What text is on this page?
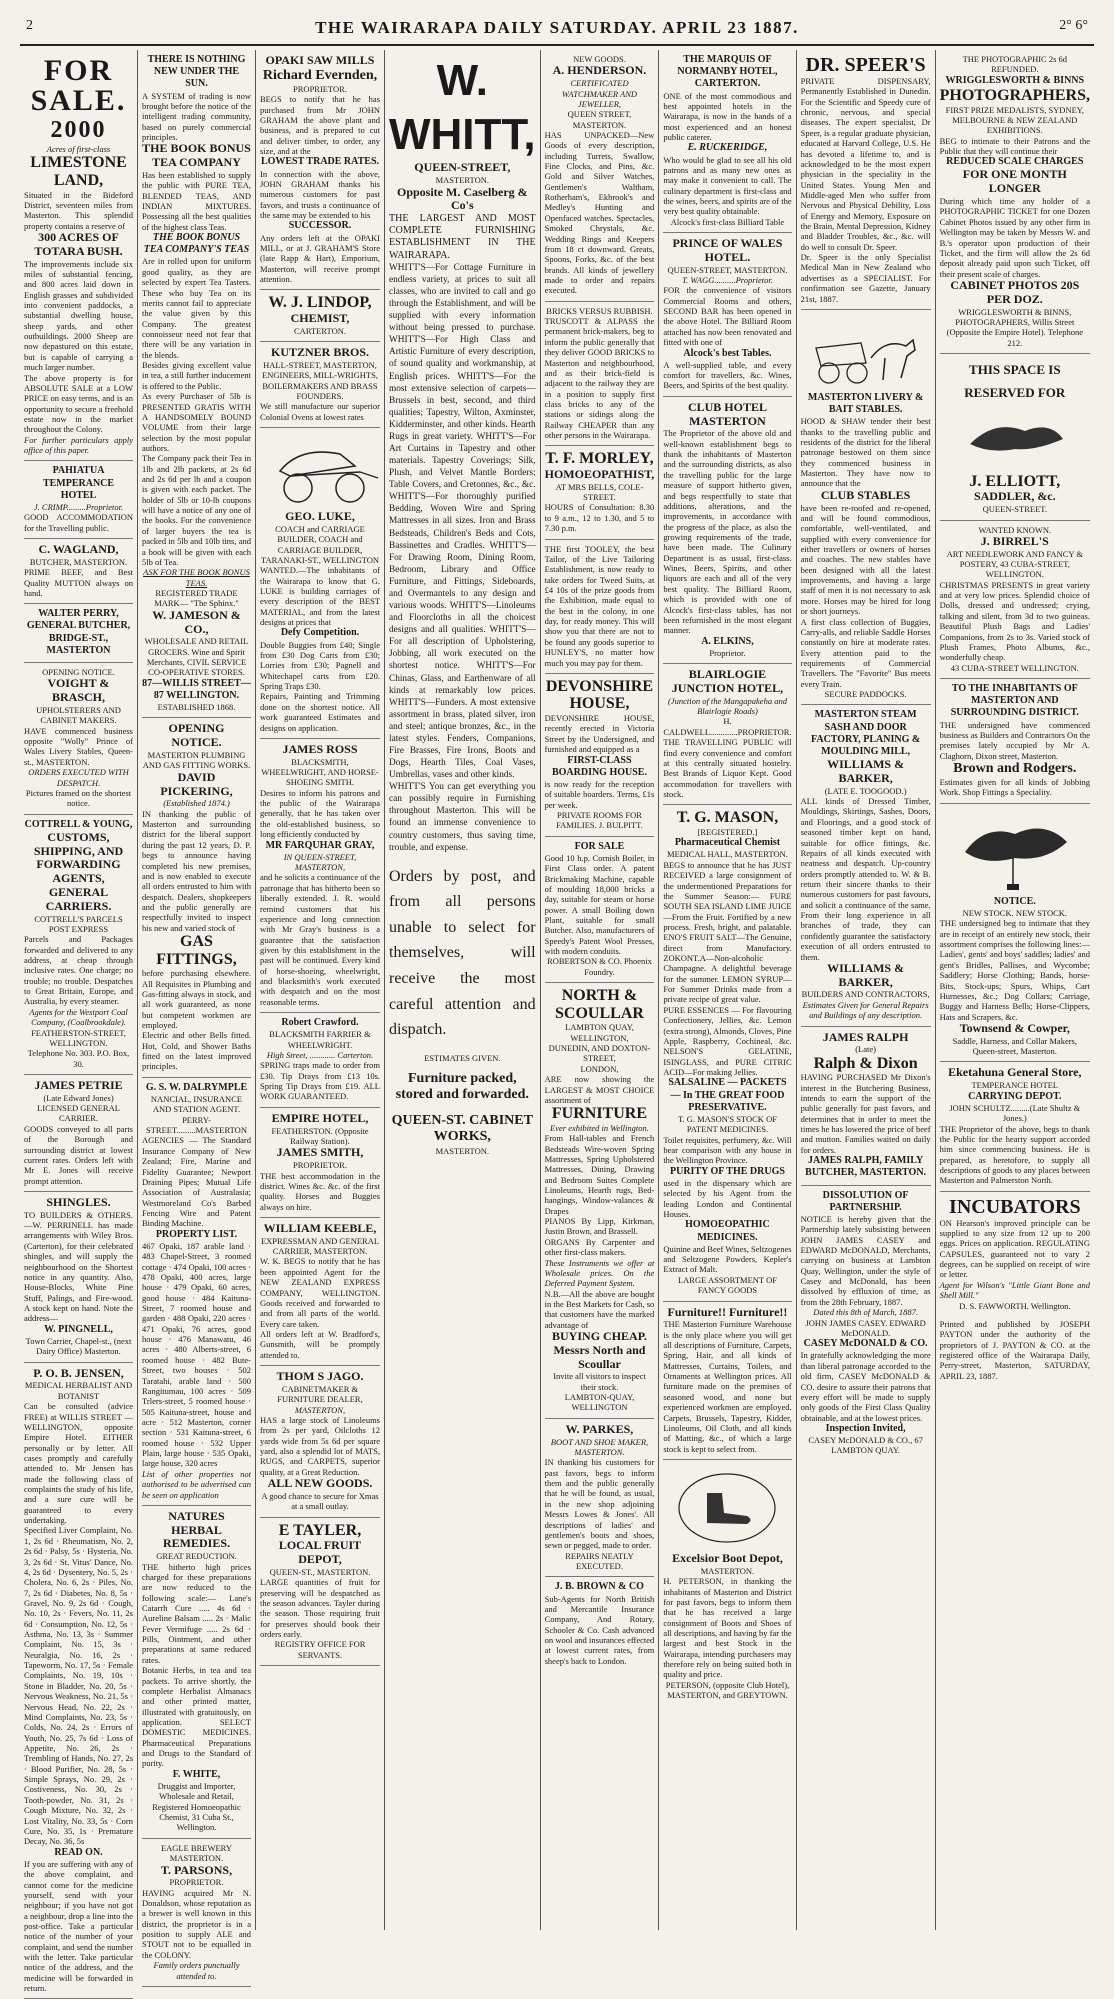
2	THE WAIRARAPA DAILY SATURDAY. APRIL 23 1887.	2° 6°
FOR SALE.
2000
Acres of first-class
LIMESTONE LAND,
Situated in the Bideford District, seventeen miles from Masterton. This splendid property contains a reserve of
300 ACRES OF TOTARA BUSH.
The improvements include six miles of substantial fencing, and 800 acres laid down in English grasses and subdivided into convenient paddocks, a substantial dwelling house, sheep yards, and other outbuildings. 2000 Sheep are now depastured on this estate, but is capable of carrying a much larger number.
The above property is for ABSOLUTE SALE at a LOW PRICE on easy terms, and is an opportunity to secure a freehold estate now in the market throughout the Colony.
For further particulars apply office of this paper.
PAHIATUA TEMPERANCE HOTEL
J. CRIMP.........Proprietor.
GOOD ACCOMMODATION for the Travelling public.
C. WAGLAND,
BUTCHER, MASTERTON.
PRIME BEEF, and Best Quality MUTTON always on hand.
WALTER PERRY, GENERAL BUTCHER, BRIDGE-ST., MASTERTON
OPENING NOTICE.
VOIGHT & BRASCH,
UPHOLSTERERS AND CABINET MAKERS.
HAVE commenced business opposite "Wolly" Prince of Wales Livery Stables, Queen-st., MASTERTON.
ORDERS EXECUTED WITH DESPATCH.
Pictures framed on the shortest notice.
COTTRELL & YOUNG,
CUSTOMS, SHIPPING, AND FORWARDING AGENTS,
GENERAL CARRIERS.
COTTRELL'S PARCELS POST EXPRESS
Parcels and Packages forwarded and delivered to any address, at cheap through inclusive rates. One charge; no trouble; no trouble. Despatches to Great Britain, Europe, and Australia, by every steamer.
Agents for the Westport Coal Company, (Coalbrookdale).
FEATHERSTON-STREET, WELLINGTON.
Telephone No. 303. P.O. Box, 30.
JAMES PETRIE
(Late Edward Jones) LICENSED GENERAL CARRIER.
GOODS conveyed to all parts of the Borough and surrounding district at lowest current rates. Orders left with Mr E. Jones will receive prompt attention.
SHINGLES.
TO BUILDERS & OTHERS.—W. PERRINELL has made arrangements with Wiley Bros. (Carterton), for their celebrated shingles, and will supply the neighbourhood on the Shortest notice in any quantity. Also, House-Blocks, White Pine Stuff, Palings, and Fire-wood. A stock kept on hand. Note the address—
W. PINGNELL,
Town Carrier, Chapel-st., (next Dairy Office) Masterton.
P. O. B. JENSEN,
MEDICAL HERBALIST AND BOTANIST
Can be consulted (advice FREE) at WILLIS STREET — WELLINGTON, opposite Empire Hotel. EITHER personally or by letter. All cases promptly and carefully attended to. Mr Jensen has made the following class of complaints the study of his life, and a sure cure will be guaranteed to every undertaking.
Specified Liver Complaint, No. 1, 2s 6d · Rheumatism, No. 2, 2s 6d · Palsy, 5s · Hysteria, No. 3, 2s 6d · St. Vitus' Dance, No. 4, 2s 6d · Dysentery, No. 5, 2s · Cholera, No. 6, 2s · Piles, No. 7, 2s 6d · Diabetes, No. 8, 5s · Gravel, No. 9, 2s 6d · Cough, No. 10, 2s · Fevers, No. 11, 2s 6d · Consumption, No. 12, 5s · Asthma, No. 13, 3s · Summer Complaint, No. 15, 3s · Neuralgia, No. 16, 2s · Tapeworm, No. 17, 5s · Female Complaints, No. 19, 10s · Stone in Bladder, No. 20, 5s · Nervous Weakness, No. 21, 5s · Nervous Head, No. 22, 2s · Mind Complaints, No. 23, 5s · Colds, No. 24, 2s · Errors of Youth, No. 25, 7s 6d · Loss of Appetite, No. 26, 2s · Trembling of Hands, No. 27, 2s · Blood Purifier, No. 28, 5s · Simple Sprays, No. 29, 2s · Costiveness, No. 30, 2s · Tooth-powder, No. 31, 2s · Cough Mixture, No. 32, 2s · Lost Vitality, No. 33, 5s · Corn Cure, No. 35, 1s · Premature Decay, No. 36, 5s
READ ON.
If you are suffering with any of the above complaint, and cannot come for the medicine yourself, send with your neighbour; if you have not got a neighbour, drop a line into the post-office. Take a particular notice of the number of your complaint, and send the number with the letter. Take particular notice of the address, and the medicine will be forwarded in return.
THERE IS NOTHING NEW UNDER THE SUN.
A SYSTEM of trading is now brought before the notice of the intelligent trading community, based on purely commercial principles.
THE BOOK BONUS TEA COMPANY
Has been established to supply the public with PURE TEA, BLENDED TEAS, AND INDIAN MIXTURES. Possessing all the best qualities of the highest class Teas.
THE BOOK BONUS TEA COMPANY'S TEAS
Are in rolled upon for uniform good quality, as they are selected by expert Tea Tasters. These who buy Tea on its merits cannot fail to appreciate the value given by this Company. The greatest connoisseur need not fear that there will be any variation in the blends.
Besides giving excellent value in tea, a still further inducement is offered to the Public.
As every Purchaser of 5lb is PRESENTED GRATIS WITH A HANDSOMELY BOUND VOLUME from their large selection by the most popular authors.
The Company pack their Tea in 1lb and 2lb packets, at 2s 6d and 2s 6d per lb and a coupon is given with each packet. The holder of 5lb or 10-lb coupons will have a notice of any one of the books. For the convenience of larger buyers the tea is packed in 5lb and 10lb tins, and a book will be given with each 5lb of Tea.
ASK FOR THE BOOK BONUS TEAS.
REGISTERED TRADE MARK— "The Sphinx."
W. JAMESON & CO.,
WHOLESALE AND RETAIL GROCERS. Wine and Spirit Merchants, CIVIL SERVICE CO-OPERATIVE STORES.
87—WILLIS STREET—87 WELLINGTON.
ESTABLISHED 1868.
OPENING NOTICE.
MASTERTON PLUMBING AND GAS FITTING WORKS.
DAVID PICKERING,
(Established 1874.)
IN thanking the public of Masterton and surrounding district for the liberal support during the past 12 years, D. P. begs to announce having completed his new premises, and is now enabled to execute all orders entrusted to him with despatch. Dealers, shopkeepers and the public generally are respectfully invited to inspect his new and varied stock of
GAS FITTINGS,
before purchasing elsewhere. All Requisites in Plumbing and Gas-fitting always in stock, and all work guaranteed, as none but competent workmen are employed.
Electric and other Bells fitted. Hot, Cold, and Shower Baths fitted on the latest improved principles.
G. S. W. DALRYMPLE
NANCIAL, INSURANCE AND STATION AGENT.
PERRY-STREET.........MASTERTON
AGENCIES — The Standard Insurance Company of New Zealand; Fire, Marine and Fidelity Guarantee; Newport Draining Pipes; Mutual Life Association of Australasia; Westmoreland Co's Barbed Fencing Wire and Patent Binding Machine.
PROPERTY LIST.
467 Opaki, 187 arable land · 483 Chapel-Street, 3 roomed cottage · 474 Opaki, 100 acres · 478 Opaki, 400 acres, large house · 479 Opaki, 60 acres, good house · 484 Kaituna-Street, 7 roomed house and garden · 488 Opaki, 220 acres · 471 Opaki, 76 acres, good house · 476 Manawatu, 46 acres · 480 Alberts-street, 6 roomed house · 482 Bute-Street, two houses · 502 Taratahi, arable land · 500 Rangitumau, 100 acres · 509 Trlers-street, 5 roomed house · 505 Kaituna-street, house and acre · 512 Masterton, corner section · 531 Kaituna-street, 6 roomed house · 532 Upper Plain, large house · 535 Opaki, large house, 320 acres
List of other properties not authorised to be advertised can be seen on application
NATURES HERBAL REMEDIES.
GREAT REDUCTION.
THE hitherto high prices charged for these preparations are now reduced to the following scale:— Lane's Catarrh Cure ..... 4s 6d · Aureline Balsam ..... 2s · Malic Fever Vermifuge ..... 2s 6d · Pills, Ointment, and other preparations at same reduced rates.
Botanic Herbs, in tea and tea packets. To arrive shortly, the complete Herbalist Almanacs and other printed matter, illustrated with gratuitously, on application. SELECT DOMESTIC MEDICINES. Pharmaceutical Preparations and Drugs to the Standard of purity.
F. WHITE,
Druggist and Importer, Wholesale and Retail, Registered Homoeopathic Chemist, 31 Cuba St., Wellington.
EAGLE BREWERY MASTERTON.
T. PARSONS,
PROPRIETOR.
HAVING acquired Mr N. Donaldson, whose reputation as a brewer is well known in this district, the proprietor is in a position to supply ALE and STOUT not to be equalled in the COLONY.
Family orders punctually attended to.
OPAKI SAW MILLS
Richard Evernden,
PROPRIETOR.
BEGS to notify that he has purchased from Mr JOHN GRAHAM the above plant and business, and is prepared to cut and deliver timber, to order, any size, and at the
LOWEST TRADE RATES.
In connection with the above, JOHN GRAHAM thanks his numerous customers for past favors, and trusts a continuance of the same may be extended to his
SUCCESSOR.
Any orders left at the OPAKI MILL, or at J. GRAHAM'S Store (late Rapp & Hart), Emporium, Masterton, will receive prompt attention.
W. J. LINDOP,
CHEMIST,
CARTERTON.
KUTZNER BROS.
HALL-STREET, MASTERTON, ENGINEERS, MILL-WRIGHTS, BOILERMAKERS AND BRASS FOUNDERS.
We still manufacture our superior Colonial Ovens at lowest rates
GEO. LUKE,
COACH and CARRIAGE BUILDER, COACH and CARRIAGE BUILDER, TARANAKI-ST., WELLINGTON
WANTED.—The inhabitants of the Wairarapa to know that G. LUKE is building carriages of every description of the BEST MATERIAL, and from the latest designs at prices that
Defy Competition.
Double Buggies from £40; Single from £30 Dog Carts from £30; Lorries from £30; Pagnell and Whitechapel carts from £20. Spring Traps £30.
Repairs, Painting and Trimming done on the shortest notice. All work guaranteed Estimates and designs on application.
JAMES ROSS
BLACKSMITH, WHEELWRIGHT, AND HORSE-SHOEING SMITH.
Desires to inform his patrons and the public of the Wairarapa generally, that he has taken over the old-established business, so long efficiently conducted by
MR FARQUHAR GRAY,
IN QUEEN-STREET, MASTERTON,
and he solicits a continuance of the patronage that has hitherto been so liberally extended. J. R. would remind customers that his experience and long connection with Mr Gray's business is a guarantee that the satisfaction given by this establishment in the past will be continued. Every kind of horse-shoeing, wheelwright, and blacksmith's work executed with despatch and on the most reasonable terms.
Robert Crawford.
BLACKSMITH FARRIER & WHEELWRIGHT.
High Street, ............ Carterton.
SPRING traps made to order from £30. Tip Drays from £13 10s. Spring Tip Drays from £19. ALL WORK GUARANTEED.
EMPIRE HOTEL,
FEATHERSTON. (Opposite Railway Station).
JAMES SMITH,
PROPRIETOR.
THE best accommodation in the district. Wines &c. &c. of the first quality. Horses and Buggies always on hire.
WILLIAM KEEBLE,
EXPRESSMAN AND GENERAL CARRIER, MASTERTON.
W. K. BEGS to notify that he has been appointed Agent for the NEW ZEALAND EXPRESS COMPANY, WELLINGTON. Goods received and forwarded to and from all parts of the world. Every care taken.
All orders left at W. Bradford's, Gunsmith, will be promptly attended to.
THOM S JAGO.
CABINETMAKER & FURNITURE DEALER,
MASTERTON,
HAS a large stock of Linoleums from 2s per yard, Oilcloths 12 yards wide from 5s 6d per square yard, also a splendid lot of MATS, RUGS, and CARPETS, superior quality, at a Great Reduction.
ALL NEW GOODS.
A good chance to secure for Xmas at a small outlay.
E TAYLER,
LOCAL FRUIT DEPOT,
QUEEN-ST., MASTERTON.
LARGE quantities of fruit for preserving will be despatched as the season advances. Tayler during the season. Those requiring fruit for preserves should book their orders early.
REGISTRY OFFICE FOR SERVANTS.
W. WHITT,
QUEEN-STREET,
MASTERTON.
Opposite M. Caselberg & Co's
THE LARGEST AND MOST COMPLETE FURNISHING ESTABLISHMENT IN THE WAIRARAPA.
WHITT'S—For Cottage Furniture in endless variety, at prices to suit all classes, who are invited to call and go through the Establishment, and will be supplied with every information without being pressed to purchase. WHITT'S—For High Class and Artistic Furniture of every description, of sound quality and workmanship, at English prices. WHITT'S—For the most extensive selection of carpets—Brussels in best, second, and third qualities; Tapestry, Wilton, Axminster, Kidderminster, and other kinds. Hearth Rugs in great variety. WHITT'S—For Art Curtains in Tapestry and other materials. Tapestry Coverings; Silk, Plush, and Velvet Mantle Borders; Table Covers, and Cretonnes, &c., &c. WHITT'S—For thoroughly purified Bedding, Woven Wire and Spring Mattresses in all sizes. Iron and Brass Bedsteads, Children's Beds and Cots, Bassinettes and Cradles. WHITT'S—For Drawing Room, Dining Room, Bedroom, Library and Office Furniture, and Fittings, Sideboards, and Overmantels to any design and various woods. WHITT'S—Linoleums and Floorcloths in all the choicest designs and all qualities. WHITT'S—For all description of Upholstering, Jobbing, all work executed on the shortest notice. WHITT'S—For Chinas, Glass, and Earthenware of all kinds at remarkably low prices. WHITT'S—Funders. A most extensive assortment in brass, plated silver, iron and steel; antique bronzes, &c., in the latest styles. Fenders, Companions, Fire Brasses, Fire Irons, Boots and Dogs, Hearth Tiles, Coal Vases, Umbrellas, vases and other kinds.
WHITT'S You can get everything you can possibly require in Furnishing throughout Masterton. This will be found an immense convenience to country customers, thus saving time, trouble, and expense.
Orders by post, and from all persons unable to select for themselves, will receive the most careful attention and dispatch.
ESTIMATES GIVEN.
Furniture packed, stored and forwarded.
QUEEN-ST. CABINET WORKS,
MASTERTON.
NEW GOODS.
A. HENDERSON.
CERTIFICATED WATCHMAKER AND JEWELLER,
QUEEN STREET, MASTERTON.
HAS UNPACKED—New Goods of every description, including Turrets, Swallow, Fine Clocks, and Pins, &c. Gold and Silver Watches, Gentlemen's Waltham, Rotherham's, Ekbrook's and Medley's Hunting and Openfaced watches. Spectacles, Smoked Chrystals, &c. Wedding Rings and Keepers from 18 ct downward. Greats, Spoons, Forks, &c. of the best brands. All kinds of jewellery made to order and repairs executed.
BRICKS VERSUS RUBBISH.
TRUSCOTT & ALPASS the permanent brick-makers, beg to inform the public generally that they deliver GOOD BRICKS to Masterton and neighbourhood, and as their brick-field is adjacent to the railway they are in a position to supply first class bricks to any of the stations or sidings along the Railway CHEAPER than any other persons in the Wairarapa.
T. F. MORLEY,
HOMOEOPATHIST,
AT MRS BELLS, COLE-STREET.
HOURS of Consultation: 8.30 to 9 a.m., 12 to 1.30, and 5 to 7.30 p.m.
THE first TOOLEY, the best Tailor, of the Live Tailoring Establishment, is now ready to take orders for Tweed Suits, at £4 10s of the prize goods from the Exhibition, made equal to the best in the colony, in one day, for ready money. This will show you that there are not to be found any goods superior to HUNLEY'S, no matter how much you may pay for them.
DEVONSHIRE HOUSE,
DEVONSHIRE HOUSE, recently erected in Victoria Street by the Undersigned, and furnished and equipped as a
FIRST-CLASS BOARDING HOUSE.
is now ready for the reception of suitable boarders. Terms, £1s per week.
PRIVATE ROOMS FOR FAMILIES. J. BULPITT.
FOR SALE
Good 10 h.p. Cornish Boiler, in First Class order. A patent Brickmaking Machine, capable of moulding 18,000 bricks a day, suitable for steam or horse power. A small Boiling down Plant, suitable for small Butcher. Also, manufacturers of Speedy's Patent Wool Presses, with modern conduits.
ROBERTSON & CO. Phoenix Foundry.
NORTH & SCOULLAR
LAMBTON QUAY, WELLINGTON,
DUNEDIN, AND DOXTON-STREET,
LONDON,
ARE now showing the LARGEST & MOST CHOICE assortment of
FURNITURE
Ever exhibited in Wellington.
From Hall-tables and French Bedsteads Wire-woven Spring Mattresses, Spring Upholstered Mattresses, Dining, Drawing and Bedroom Suites Complete Linoleums, Hearth rugs, Bed-hangings, Window-valances & Drapes
PIANOS By Lipp, Kirkman, Justin Brown, and Brassell.
ORGANS By Carpenter and other first-class makers.
These Instruments we offer at Wholesale prices. On the Deferred Payment System.
N.B.—All the above are bought in the Best Markets for Cash, so that customers have the marked advantage of
BUYING CHEAP.
Messrs North and Scoullar
Invite all visitors to inspect their stock.
LAMBTON-QUAY, WELLINGTON
W. PARKES,
BOOT AND SHOE MAKER, MASTERTON.
IN thanking his customers for past favors, begs to inform them and the public generally that he will be found, as usual, in the new shop adjoining Messrs Lowes & Jones'. All descriptions of ladies' and gentlemen's boots and shoes, sewn or pegged, made to order.
REPAIRS NEATLY EXECUTED.
J. B. BROWN & CO
Sub-Agents for North British and Mercantile Insurance Company, And Rotary, Schooler & Co. Cash advanced on wool and insurances effected at lowest current rates, from sheep's back to London.
THE MARQUIS OF NORMANBY HOTEL, CARTERTON.
ONE of the most commodious and best appointed hotels in the Wairarapa, is now in the hands of a most experienced and an honest public caterer.
E. RUCKERIDGE,
Who would be glad to see all his old patrons and as many new ones as may make it convenient to call. The culinary department is first-class and the wines, beers, and spirits are of the very best quality obtainable.
Alcock's first-class Billiard Table
PRINCE OF WALES HOTEL.
QUEEN-STREET, MASTERTON.
T. WAGG..........Proprietor.
FOR the convenience of visitors Commercial Rooms and others, SECOND BAR has been opened in the above Hotel. The Billiard Room attached has now been renovated and fitted with one of
Alcock's best Tables.
A well-supplied table, and every comfort for travellers, &c. Wines, Beers, and Spirits of the best quality.
CLUB HOTEL MASTERTON
The Proprietor of the above old and well-known establishment begs to thank the inhabitants of Masterton and the surrounding districts, as also the travelling public for the large measure of support hitherto given, and begs respectfully to state that additions, alterations, and the improvements, in accordance with the progress of the place, as also the growing requirements of the trade, have been made. The Culinary Department is as usual, first-class. Wines, Beers, Spirits, and other liquors are each and all of the very best quality. The Billiard Room, which is provided with one of Alcock's first-class tables, has not been refurnished in the most elegant manner.
A. ELKINS,
Proprietor.
BLAIRLOGIE JUNCTION HOTEL,
(Junction of the Mangapakeha and Blairlogie Roads)
H. CALDWELL.............PROPRIETOR.
THE TRAVELLING PUBLIC will find every convenience and comfort at this centrally situated hostelry. Best Brands of Liquor Kept. Good accommodation for travellers with stock.
T. G. MASON,
[REGISTERED.]
Pharmaceutical Chemist
MEDICAL HALL, MASTERTON.
BEGS to announce that he has JUST RECEIVED a large consignment of the undermentioned Preparations for the Summer Season:— FURE SOUTH SEA ISLAND LIME JUICE—From the Fruit. Fortified by a new process. Fresh, bright, and palatable. ENO'S FRUIT SALT—The Genuine, direct from Manufactory. ZOKONT.A—Non-alcoholic Champagne. A delightful beverage for the summer. LEMON SYRUP—For Summer Drinks made from a private recipe of great value.
PURE ESSENCES — For flavouring Confectionery, Jellies, &c. Lemon (extra strong), Almonds, Cloves, Pine Apple, Raspberry, Cochineal, &c. NELSON'S GELATINE, ISINGLASS, and PURE CITRIC ACID—For making Jellies.
SALSALINE — PACKETS — In THE GREAT FOOD PRESERVATIVE.
T. G. MASON'S STOCK OF PATENT MEDICINES.
Toilet requisites, perfumery, &c. Will bear comparison with any house in the Wellington Province.
PURITY OF THE DRUGS
used in the dispensary which are selected by his Agent from the leading London and Continental Houses.
HOMOEOPATHIC MEDICINES.
Quinine and Beef Wines, Seltzogenes and Seltzogene Powders, Kepler's Extract of Malt.
LARGE ASSORTMENT OF FANCY GOODS
Furniture!! Furniture!!
THE Masterton Furniture Warehouse is the only place where you will get all descriptions of Furniture, Carpets, Spring, Hair, and all kinds of Mattresses, Curtains, Toilets, and Ornaments at Wellington prices. All furniture made on the premises of seasoned wood, and none but experienced workmen are employed. Carpets, Brussels, Tapestry, Kidder, Linoleums, Oil Cloth, and all kinds of Matting, &c., of which a large stock is kept to select from.
Excelsior Boot Depot,
MASTERTON.
H. PETERSON, in thanking the inhabitants of Masterton and District for past favors, begs to inform them that he has received a large consignment of Boots and Shoes of all descriptions, and having by far the largest and best Stock in the Wairarapa, intending purchasers may therefore rely on being suited both in quality and price.
PETERSON, (opposite Club Hotel), MASTERTON, and GREYTOWN.
DR. SPEER'S
PRIVATE DISPENSARY, Permanently Established in Dunedin. For the Scientific and Speedy cure of chronic, nervous, and special diseases. The expert specialist, Dr Speer, is a regular graduate physician, educated at Harvard College, U.S. He has devoted a lifetime to, and is acknowledged to be the most expert physician in the speciality in the United States. Young Men and Middle-aged Men who suffer from Nervous and Physical Debility, Loss of Energy and Memory, Exposure on the Brain, Mental Depression, Kidney and Bladder Troubles, &c., &c. will do well to consult Dr. Speer.
Dr. Speer is the only Specialist Medical Man in New Zealand who advertises as a SPECIALIST. For confirmation see Gazette, January 21st, 1887.
MASTERTON LIVERY & BAIT STABLES.
HOOD & SHAW tender their best thanks to the travelling public and residents of the district for the liberal patronage bestowed on them since they commenced business in Masterton. They have now to announce that the
CLUB STABLES
have been re-roofed and re-opened, and will be found commodious, comfortable, well-ventilated, and supplied with every convenience for either travellers or owners of horses and coaches. The new stables have been designed with all the latest improvements, and having a large staff of men it is not necessary to ask more. Horses may be hired for long or short journeys.
A first class collection of Buggies, Carry-alls, and reliable Saddle Horses constantly on hire at moderate rates. Every attention paid to the requirements of Commercial Travellers. The "Favorite" Bus meets every Train.
SECURE PADDOCKS.
MASTERTON STEAM SASH AND DOOR FACTORY, PLANING & MOULDING MILL,
WILLIAMS & BARKER,
(LATE E. TOOGOOD.)
ALL kinds of Dressed Timber, Mouldings, Skirtings, Sashes, Doors, and Floorings, and a good stock of seasoned timber kept on hand, suitable for office fittings, &c. Repairs of all kinds executed with neatness and despatch. Up-country orders promptly attended to. W. & B. return their sincere thanks to their numerous customers for past favours, and solicit a continuance of the same. From their long experience in all branches of trade, they can confidently guarantee the satisfactory execution of all orders entrusted to them.
WILLIAMS & BARKER,
BUILDERS AND CONTRACTORS,
Estimates Given for General Repairs and Buildings of any description.
JAMES RALPH
(Late)
Ralph & Dixon
HAVING PURCHASED Mr Dixon's interest in the Butchering Business, intends to earn the support of the public generally for past favors, and determines that in order to meet the times he has lowered the price of beef and mutton. Families waited on daily for orders.
JAMES RALPH, FAMILY BUTCHER, MASTERTON.
DISSOLUTION OF PARTNERSHIP.
NOTICE is hereby given that the Partnership lately subsisting between JOHN JAMES CASEY and EDWARD McDONALD, Merchants, carrying on business at Lambton Quay, Wellington, under the style of Casey and McDonald, has been dissolved by effluxion of time, as from the 28th February, 1887.
Dated this 8th of March, 1887.
JOHN JAMES CASEY. EDWARD McDONALD.
CASEY McDONALD & CO.
In gratefully acknowledging the more than liberal patronage accorded to the old firm, CASEY McDONALD & CO. desire to assure their patrons that every effort will be made to supply only goods of the First Class Quality obtainable, and at the lowest prices.
Inspection Invited,
CASEY McDONALD & CO., 67 LAMBTON QUAY.
THE PHOTOGRAPHIC 2s 6d REFUNDED.
WRIGGLESWORTH & BINNS
PHOTOGRAPHERS,
FIRST PRIZE MEDALISTS, SYDNEY, MELBOURNE & NEW ZEALAND EXHIBITIONS.
BEG to intimate to their Patrons and the Public that they will continue their
REDUCED SCALE CHARGES
FOR ONE MONTH LONGER
During which time any holder of a PHOTOGRAPHIC TICKET for one Dozen Cabinet Photos issued by any other firm in Wellington may be taken by Messrs W. and B.'s operator upon production of their Ticket, and the firm will allow the 2s 6d deposit already paid upon such Ticket, off their present scale of charges.
CABINET PHOTOS 20S PER DOZ.
WRIGGLESWORTH & BINNS, PHOTOGRAPHERS, Willis Street (Opposite the Empire Hotel). Telephone 212.
THIS SPACE IS RESERVED FOR
J. ELLIOTT,
SADDLER, &c.
QUEEN-STREET.
WANTED KNOWN.
J. BIRREL'S
ART NEEDLEWORK AND FANCY & POSTERY, 43 CUBA-STREET, WELLINGTON.
CHRISTMAS PRESENTS in great variety and at very low prices. Splendid choice of Dolls, dressed and undressed; crying, talking and silent, from 3d to two guineas. Beautiful Plush Bags and Ladies' Companions, from 2s to 3s. Varied stock of Plush Frames, Photo Albums, &c., wonderfully cheap.
43 CUBA-STREET WELLINGTON.
TO THE INHABITANTS OF MASTERTON AND SURROUNDING DISTRICT.
THE undersigned have commenced business as Builders and Contractors On the premises lately occupied by Mr A. Claghorn, Dixon street, Masterton.
Brown and Rodgers.
Estimates given for all kinds of Jobbing Work. Shop Fittings a Speciality.
NOTICE.
NEW STOCK. NEW STOCK.
THE undersigned beg to intimate that they are in receipt of an entirely new stock, their assortment comprises the following lines:— Ladies', gents' and boys' saddles; ladies' and gent's Bridles, Pallises, and Wycombe; Saddlery; Horse Clothing; Bands, horse-Bits, Stock-ups; Spurs, Whips, Cart Hurnesses, &c.; Dog Collars; Carriage, Buggy and Harness Bells; Horse-Clippers, Hats and Scrapers, &c.
Townsend & Cowper,
Saddle, Harness, and Collar Makers, Queen-street, Masterton.
Eketahuna General Store,
TEMPERANCE HOTEL
CARRYING DEPOT.
JOHN SCHULTZ.........(Late Shultz & Jones.)
THE Proprietor of the above, begs to thank the Public for the hearty support accorded him since commencing business. He is prepared, as heretofore, to supply all descriptions of goods to any places between Masterton and Palmerston North.
INCUBATORS
ON Hearson's improved principle can be supplied to any size from 12 up to 200 eggs. Prices on application. REGULATING CAPSULES, guaranteed not to vary 2 degrees, can be supplied on receipt of wire or letter.
Agent for Wilson's "Little Giant Bone and Shell Mill."
D. S. FAWWORTH. Wellington.
Printed and published by JOSEPH PAYTON under the authority of the proprietors of J. PAYTON & CO. at the registered office of the Wairarapa Daily, Perry-street, Masterton, SATURDAY, APRIL 23, 1887.
